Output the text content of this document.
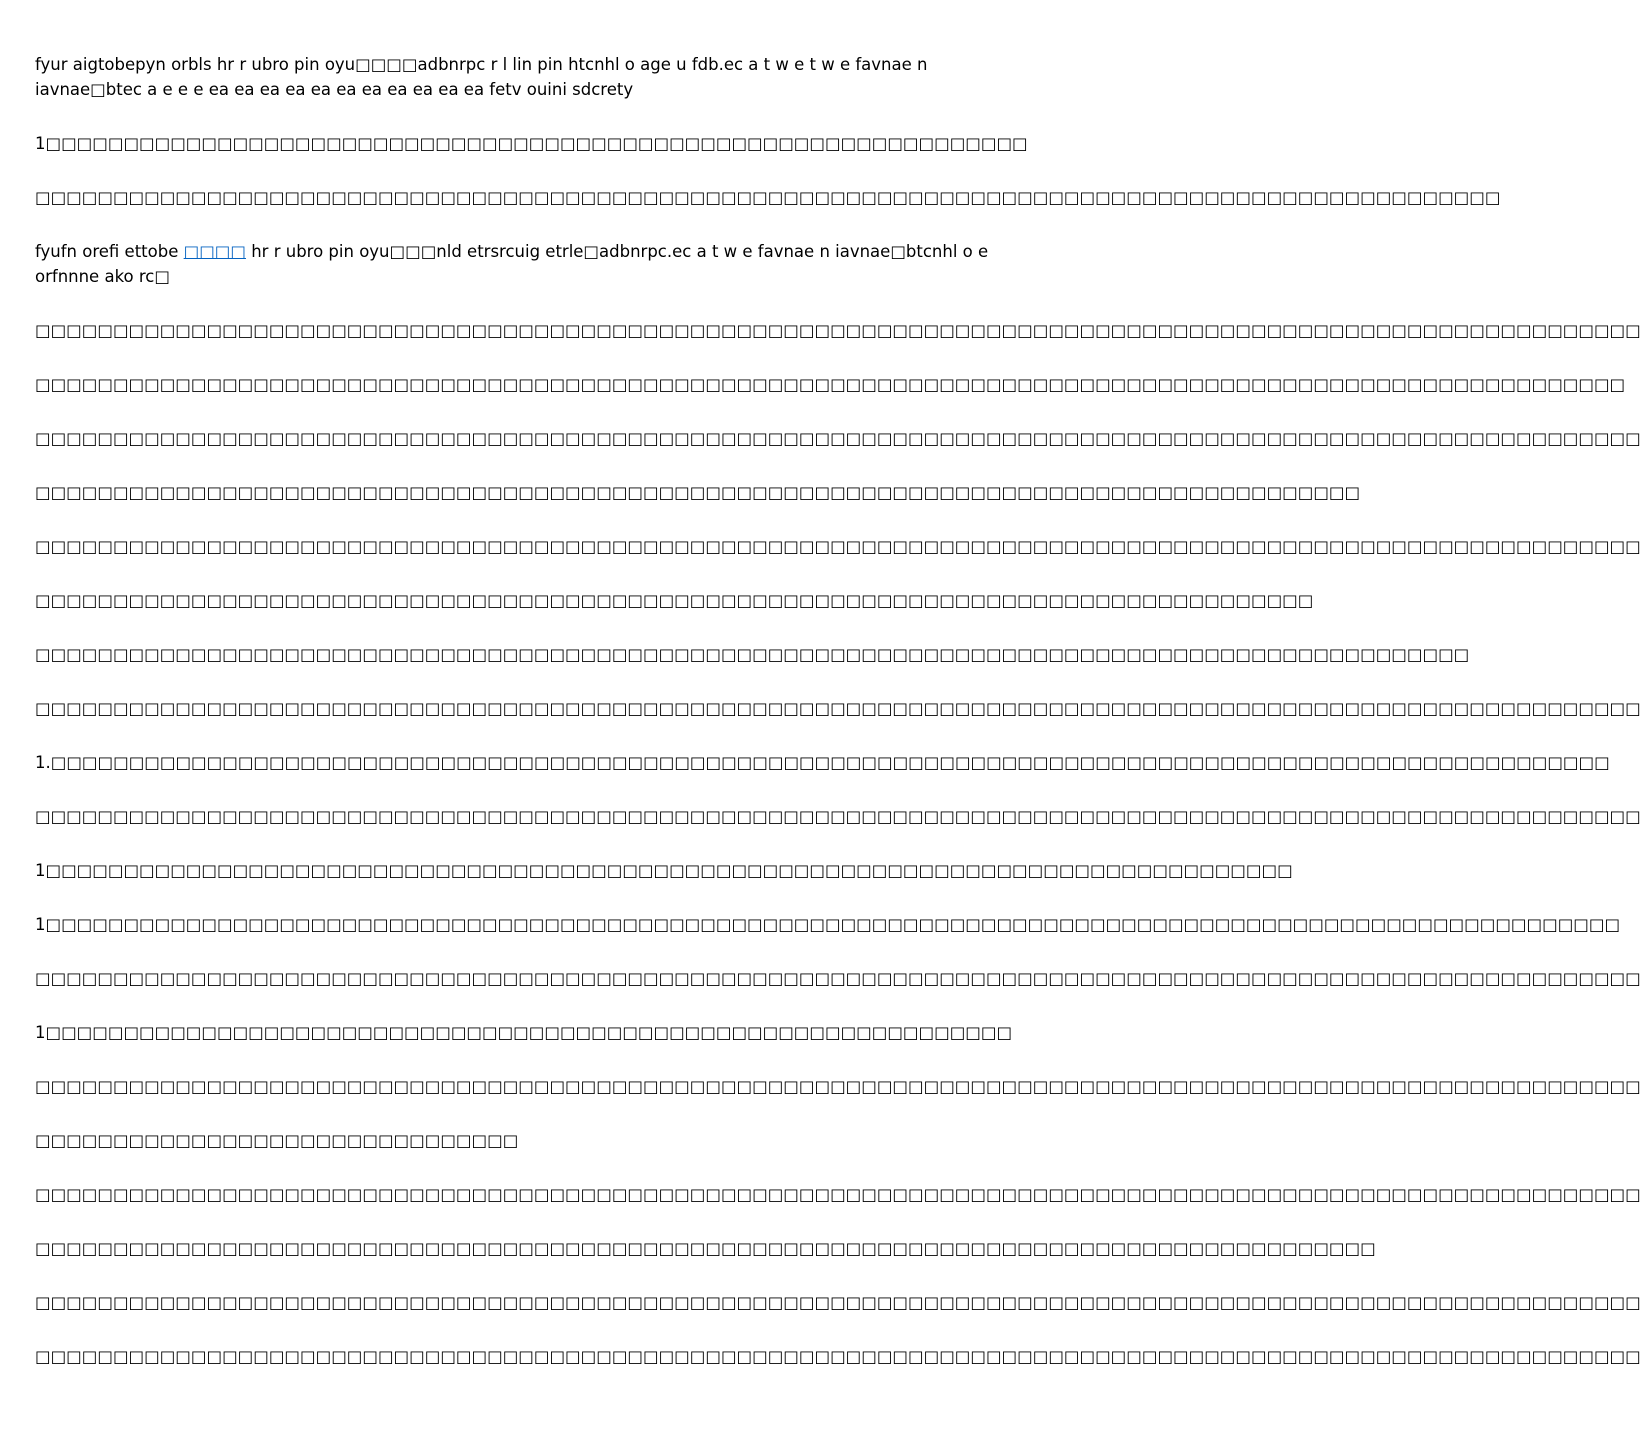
fyur aigtobepyn orbls hr r ubro pin oyu□□□□adbnrpc r l lin pin htcnhl o age u fdb.ec a t w e t w e favnae n

iavnae□btec a e e e ea ea ea ea ea ea ea ea ea ea ea fetv ouini sdcrety

1□□□□□□□□□□□□□□□□□□□□□□□□□□□□□□□□□□□□□□□□□□□□□□□□□□□□□□□□□□□□□□□

□□□□□□□□□□□□□□□□□□□□□□□□□□□□□□□□□□□□□□□□□□□□□□□□□□□□□□□□□□□□□□□□□□□□□□□□□□□□□□□□□□□□□□□□□□□□□□

fyufn orefi ettobe □□□□ hr r ubro pin oyu□□□nld etrsrcuig etrle□adbnrpc.ec a t w e favnae n iavnae□btcnhl o e

orfnnne ako rc□

□□□□□□□□□□□□□□□□□□□□□□□□□□□□□□□□□□□□□□□□□□□□□□□□□□□□□□□□□□□□□□□□□□□□□□□□□□□□□□□□□□□□□□□□□□□□□□□□□□□□□□□

□□□□□□□□□□□□□□□□□□□□□□□□□□□□□□□□□□□□□□□□□□□□□□□□□□□□□□□□□□□□□□□□□□□□□□□□□□□□□□□□□□□□□□□□□□□□□□□□□□□□□□

□□□□□□□□□□□□□□□□□□□□□□□□□□□□□□□□□□□□□□□□□□□□□□□□□□□□□□□□□□□□□□□□□□□□□□□□□□□□□□□□□□□□□□□□□□□□□□□□□□□□□□□

□□□□□□□□□□□□□□□□□□□□□□□□□□□□□□□□□□□□□□□□□□□□□□□□□□□□□□□□□□□□□□□□□□□□□□□□□□□□□□□□□□□□□

□□□□□□□□□□□□□□□□□□□□□□□□□□□□□□□□□□□□□□□□□□□□□□□□□□□□□□□□□□□□□□□□□□□□□□□□□□□□□□□□□□□□□□□□□□□□□□□□□□□□□□□

□□□□□□□□□□□□□□□□□□□□□□□□□□□□□□□□□□□□□□□□□□□□□□□□□□□□□□□□□□□□□□□□□□□□□□□□□□□□□□□□□□

□□□□□□□□□□□□□□□□□□□□□□□□□□□□□□□□□□□□□□□□□□□□□□□□□□□□□□□□□□□□□□□□□□□□□□□□□□□□□□□□□□□□□□□□□□□□

□□□□□□□□□□□□□□□□□□□□□□□□□□□□□□□□□□□□□□□□□□□□□□□□□□□□□□□□□□□□□□□□□□□□□□□□□□□□□□□□□□□□□□□□□□□□□□□□□□□□□□□

1.□□□□□□□□□□□□□□□□□□□□□□□□□□□□□□□□□□□□□□□□□□□□□□□□□□□□□□□□□□□□□□□□□□□□□□□□□□□□□□□□□□□□□□□□□□□□□□□□□□□□

□□□□□□□□□□□□□□□□□□□□□□□□□□□□□□□□□□□□□□□□□□□□□□□□□□□□□□□□□□□□□□□□□□□□□□□□□□□□□□□□□□□□□□□□□□□□□□□□□□□□□□□

1□□□□□□□□□□□□□□□□□□□□□□□□□□□□□□□□□□□□□□□□□□□□□□□□□□□□□□□□□□□□□□□□□□□□□□□□□□□□□□□□

1□□□□□□□□□□□□□□□□□□□□□□□□□□□□□□□□□□□□□□□□□□□□□□□□□□□□□□□□□□□□□□□□□□□□□□□□□□□□□□□□□□□□□□□□□□□□□□□□□□□□□

□□□□□□□□□□□□□□□□□□□□□□□□□□□□□□□□□□□□□□□□□□□□□□□□□□□□□□□□□□□□□□□□□□□□□□□□□□□□□□□□□□□□□□□□□□□□□□□□□□□□□□□

1□□□□□□□□□□□□□□□□□□□□□□□□□□□□□□□□□□□□□□□□□□□□□□□□□□□□□□□□□□□□□□

□□□□□□□□□□□□□□□□□□□□□□□□□□□□□□□□□□□□□□□□□□□□□□□□□□□□□□□□□□□□□□□□□□□□□□□□□□□□□□□□□□□□□□□□□□□□□□□□□□□□□□□

□□□□□□□□□□□□□□□□□□□□□□□□□□□□□□□

□□□□□□□□□□□□□□□□□□□□□□□□□□□□□□□□□□□□□□□□□□□□□□□□□□□□□□□□□□□□□□□□□□□□□□□□□□□□□□□□□□□□□□□□□□□□□□□□□□□□□□□

□□□□□□□□□□□□□□□□□□□□□□□□□□□□□□□□□□□□□□□□□□□□□□□□□□□□□□□□□□□□□□□□□□□□□□□□□□□□□□□□□□□□□□

□□□□□□□□□□□□□□□□□□□□□□□□□□□□□□□□□□□□□□□□□□□□□□□□□□□□□□□□□□□□□□□□□□□□□□□□□□□□□□□□□□□□□□□□□□□□□□□□□□□□□□□

□□□□□□□□□□□□□□□□□□□□□□□□□□□□□□□□□□□□□□□□□□□□□□□□□□□□□□□□□□□□□□□□□□□□□□□□□□□□□□□□□□□□□□□□□□□□□□□□□□□□□□□
